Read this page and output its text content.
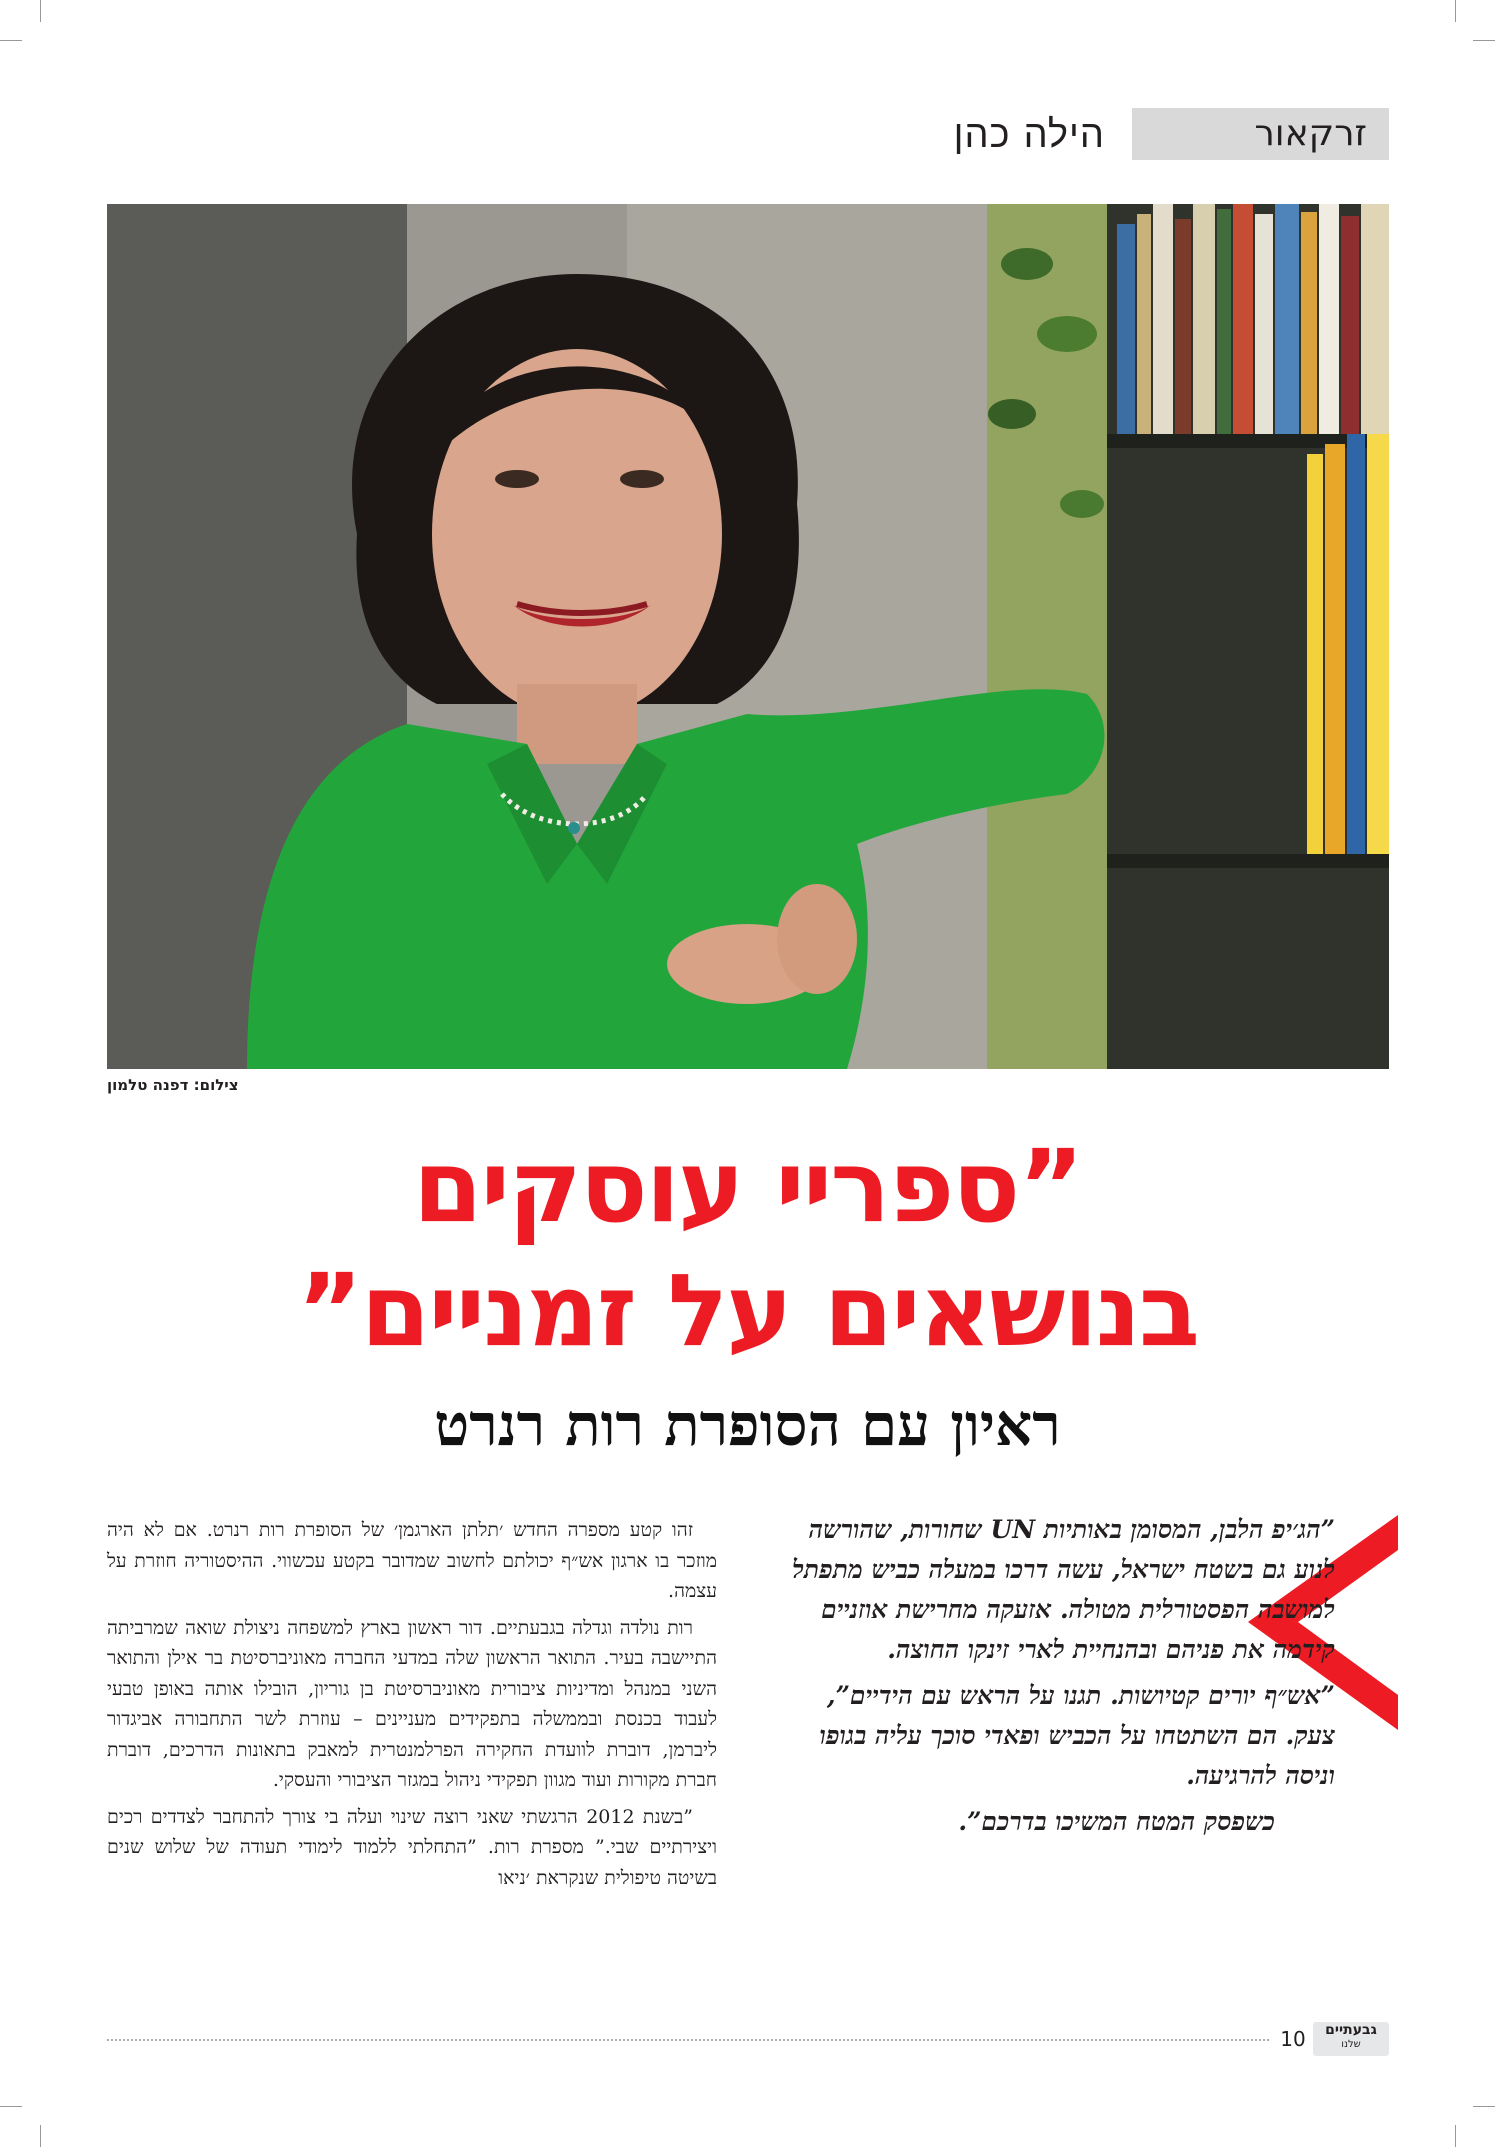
זרקאור
הילה כהן
צילום: דפנה טלמון
”ספריי עוסקים
בנושאים על זמניים”
ראיון עם הסופרת רות רנרט

”הג׳יפ הלבן, המסומן באותיות UN שחורות, שהורשה לנוע גם בשטח ישראל, עשה דרכו במעלה כביש מתפתל למושבה הפסטורלית מטולה. אזעקה מחרישת אוזניים קידמה את פניהם ובהנחיית לארי זינקו החוצה.

”אש״ף יורים קטיושות. תגנו על הראש עם הידיים”, צעק. הם השתטחו על הכביש ופאדי סוכך עליה בגופו וניסה להרגיעה.

כשפסק המטח המשיכו בדרכם”.

זהו קטע מספרה החדש ׳תלתן הארגמן׳ של הסופרת רות רנרט. אם לא היה מוזכר בו ארגון אש״ף יכולתם לחשוב שמדובר בקטע עכשווי. ההיסטוריה חוזרת על עצמה.

רות נולדה וגדלה בגבעתיים. דור ראשון בארץ למשפחה ניצולת שואה שמרביתה התיישבה בעיר. התואר הראשון שלה במדעי החברה מאוניברסיטת בר אילן והתואר השני במנהל ומדיניות ציבורית מאוניברסיטת בן גוריון, הובילו אותה באופן טבעי לעבוד בכנסת ובממשלה בתפקידים מעניינים – עוזרת לשר התחבורה אביגדור ליברמן, דוברת לוועדת החקירה הפרלמנטרית למאבק בתאונות הדרכים, דוברת חברת מקורות ועוד מגוון תפקידי ניהול במגזר הציבורי והעסקי.

”בשנת 2012 הרגשתי שאני רוצה שינוי ועלה בי צורך להתחבר לצדדים רכים ויצירתיים שבי.” מספרת רות. ”התחלתי ללמוד לימודי תעודה של שלוש שנים בשיטה טיפולית שנקראת ׳ניאו

10	גבעתיים
שלנו
